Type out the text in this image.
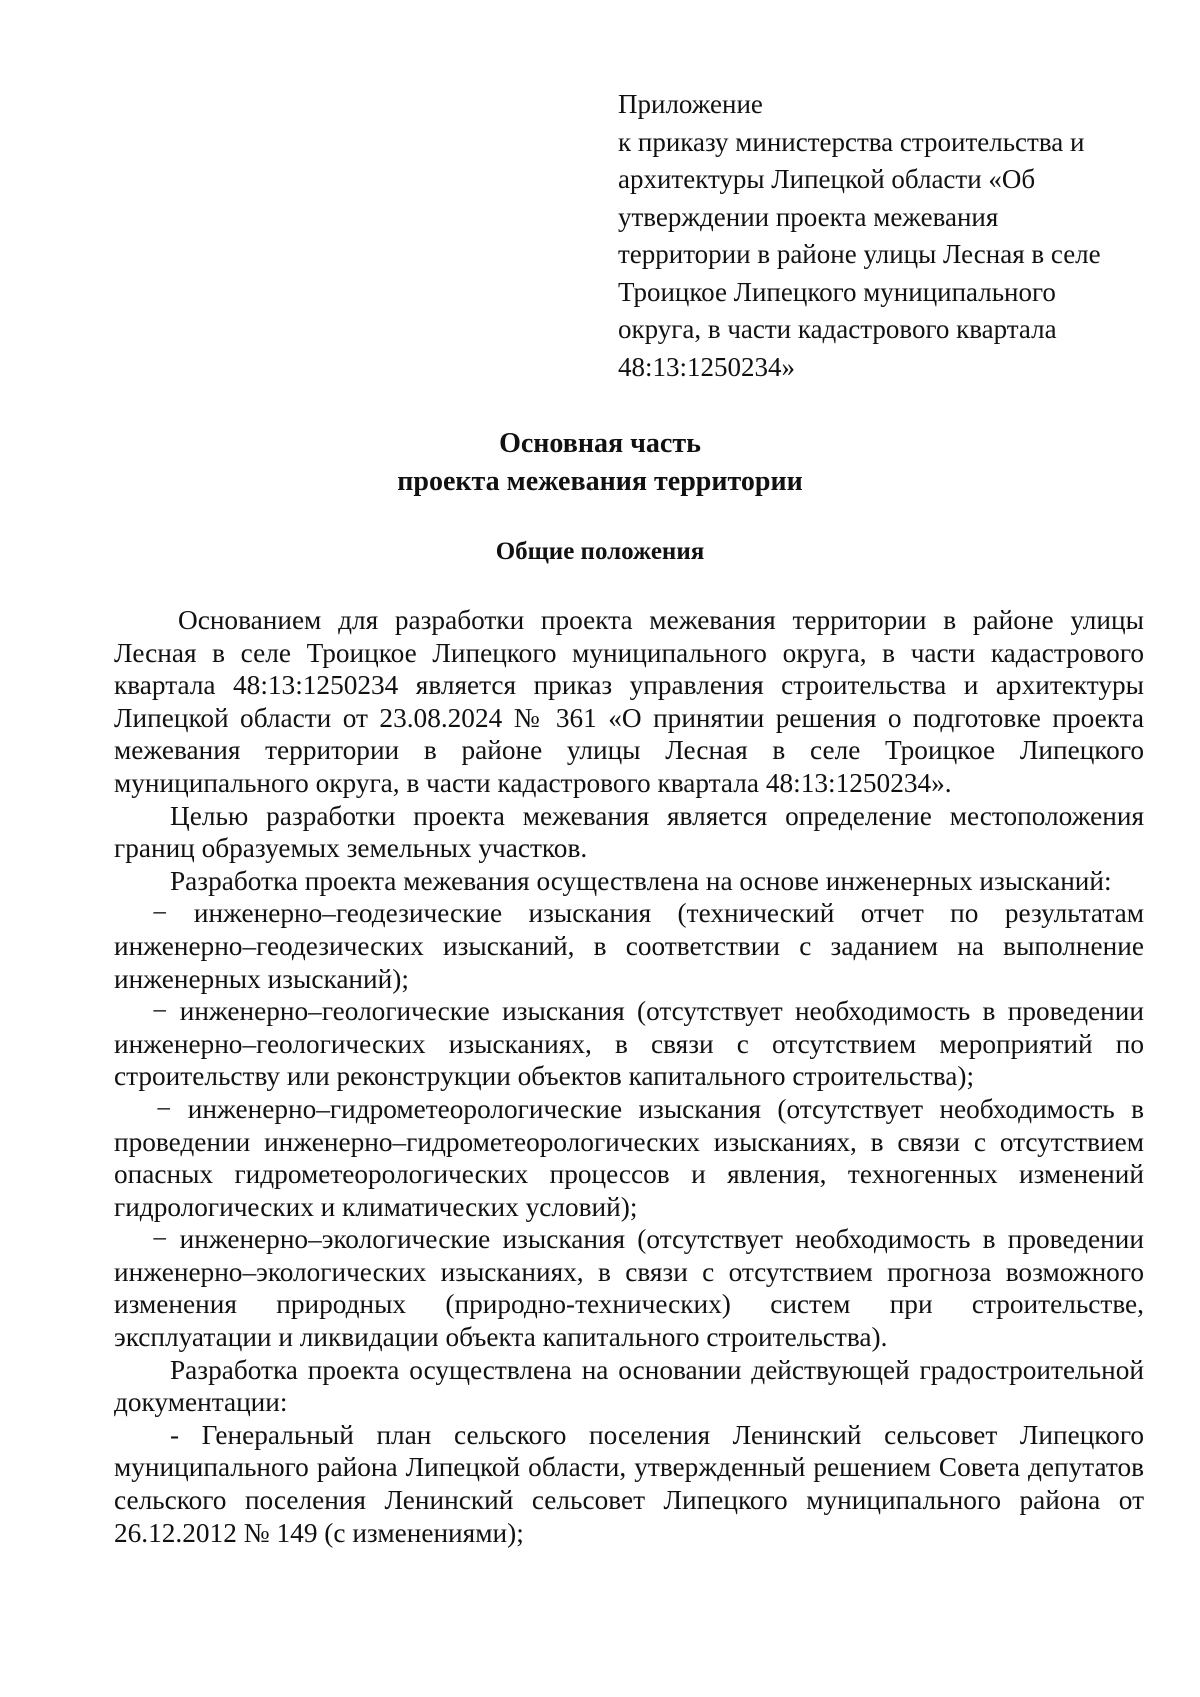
Приложение
к приказу министерства строительства и
архитектуры Липецкой области «Об
утверждении проекта межевания
территории в районе улицы Лесная в селе
Троицкое Липецкого муниципального
округа, в части кадастрового квартала
48:13:1250234»
Основная часть
проекта межевания территории
Общие положения

Основанием для разработки проекта межевания территории в районе улицы Лесная в селе Троицкое Липецкого муниципального округа, в части кадастрового квартала 48:13:1250234 является приказ управления строительства и архитектуры Липецкой области от 23.08.2024 № 361 «О принятии решения о подготовке проекта межевания территории в районе улицы Лесная в селе Троицкое Липецкого муниципального округа, в части кадастрового квартала 48:13:1250234».

Целью разработки проекта межевания является определение местоположения границ образуемых земельных участков.

Разработка проекта межевания осуществлена на основе инженерных изысканий:

− инженерно–геодезические изыскания (технический отчет по результатам инженерно–геодезических изысканий, в соответствии с заданием на выполнение инженерных изысканий);

− инженерно–геологические изыскания (отсутствует необходимость в проведении инженерно–геологических изысканиях, в связи с отсутствием мероприятий по строительству или реконструкции объектов капитального строительства);

− инженерно–гидрометеорологические изыскания (отсутствует необходимость в проведении инженерно–гидрометеорологических изысканиях, в связи с отсутствием опасных гидрометеорологических процессов и явления, техногенных изменений гидрологических и климатических условий);

− инженерно–экологические изыскания (отсутствует необходимость в проведении инженерно–экологических изысканиях, в связи с отсутствием прогноза возможного изменения природных (природно-технических) систем при строительстве, эксплуатации и ликвидации объекта капитального строительства).

Разработка проекта осуществлена на основании действующей градостроительной документации:

- Генеральный план сельского поселения Ленинский сельсовет Липецкого муниципального района Липецкой области, утвержденный решением Совета депутатов сельского поселения Ленинский сельсовет Липецкого муниципального района от 26.12.2012 № 149 (с изменениями);
